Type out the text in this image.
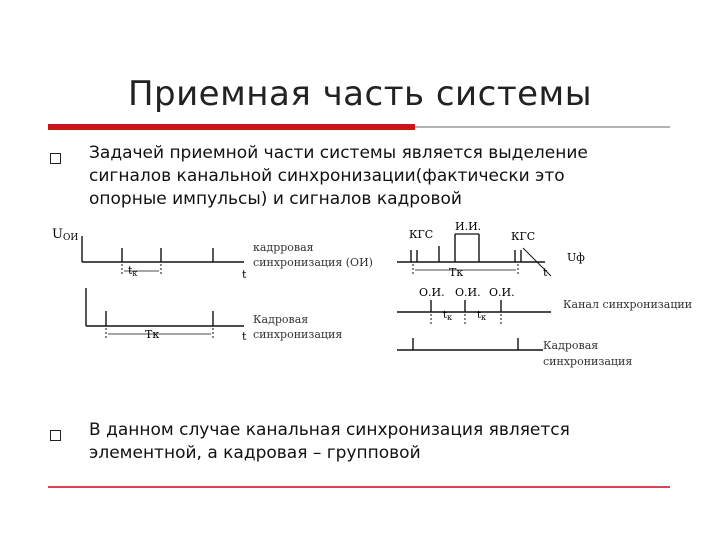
Приемная часть системы
Задачей приемной части системы является выделение
сигналов канальной синхронизации(фактически это
опорные импульсы) и сигналов кадровой
UОИ
tк	t
кадрровая
синхронизация (ОИ)
Тк	t
Кадровая
синхронизация
КГС
И.И.
КГС
Uф
Тк	t
О.И. О.И. О.И.
$t_к$ $t_к$
Канал синхронизации
Кадровая
синхронизация
В данном случае канальная синхронизация является
элементной, а кадровая – групповой
